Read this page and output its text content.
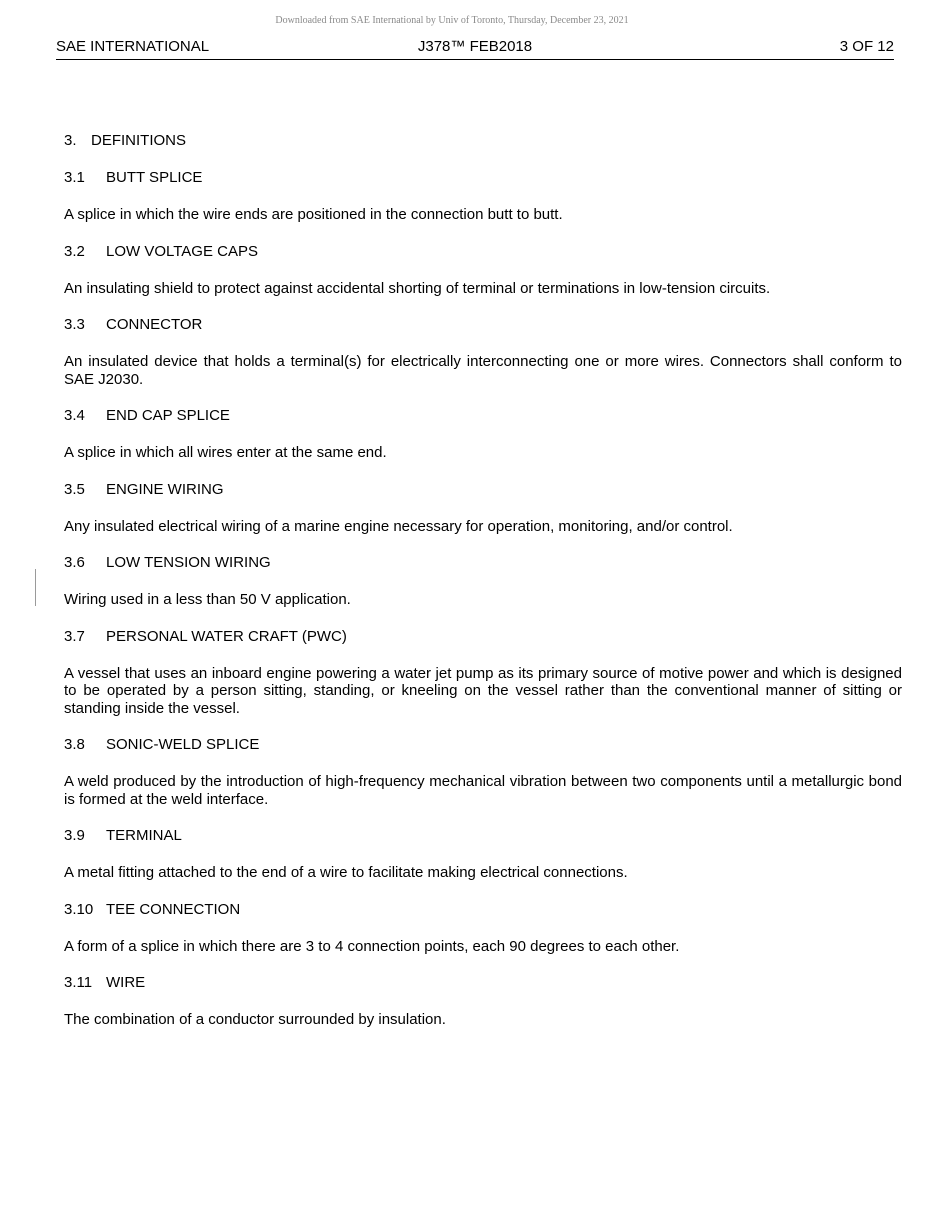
Downloaded from SAE International by Univ of Toronto, Thursday, December 23, 2021
SAE INTERNATIONAL	J378™ FEB2018	3 OF 12
3. DEFINITIONS
3.1 BUTT SPLICE
A splice in which the wire ends are positioned in the connection butt to butt.
3.2 LOW VOLTAGE CAPS
An insulating shield to protect against accidental shorting of terminal or terminations in low-tension circuits.
3.3 CONNECTOR
An insulated device that holds a terminal(s) for electrically interconnecting one or more wires. Connectors shall conform to SAE J2030.
3.4 END CAP SPLICE
A splice in which all wires enter at the same end.
3.5 ENGINE WIRING
Any insulated electrical wiring of a marine engine necessary for operation, monitoring, and/or control.
3.6 LOW TENSION WIRING
Wiring used in a less than 50 V application.
3.7 PERSONAL WATER CRAFT (PWC)
A vessel that uses an inboard engine powering a water jet pump as its primary source of motive power and which is designed to be operated by a person sitting, standing, or kneeling on the vessel rather than the conventional manner of sitting or standing inside the vessel.
3.8 SONIC-WELD SPLICE
A weld produced by the introduction of high-frequency mechanical vibration between two components until a metallurgic bond is formed at the weld interface.
3.9 TERMINAL
A metal fitting attached to the end of a wire to facilitate making electrical connections.
3.10 TEE CONNECTION
A form of a splice in which there are 3 to 4 connection points, each 90 degrees to each other.
3.11 WIRE
The combination of a conductor surrounded by insulation.
